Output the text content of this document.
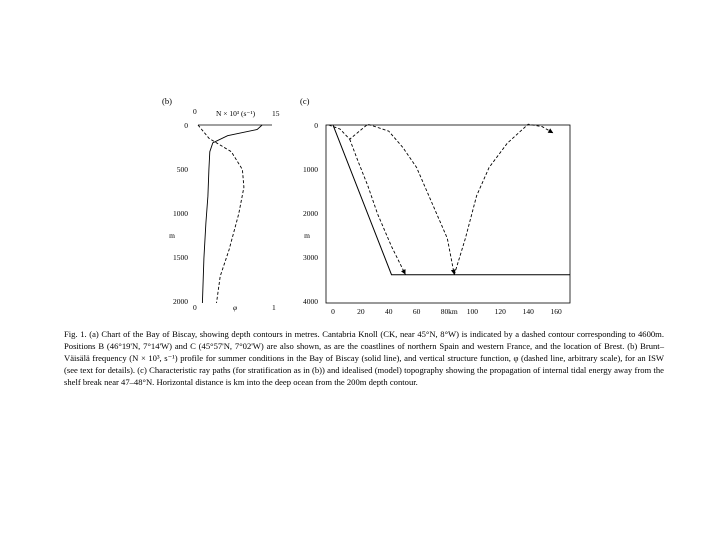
(b)
0	N × 10³ (s⁻¹) 15
0
500
1000
m
1500
2000
0	φ	1
(c)
0
1000
2000
m
3000
4000
0	20	40	60	80 100 120 140 160
km

Fig. 1. (a) Chart of the Bay of Biscay, showing depth contours in metres. Cantabria Knoll (CK, near 45°N, 8°W) is indicated by a dashed contour corresponding to 4600m. Positions B (46°19'N, 7°14'W) and C (45°57'N, 7°02'W) are also shown, as are the coastlines of northern Spain and western France, and the location of Brest. (b) Brunt–Väisälä frequency (N × 10³, s⁻¹) profile for summer conditions in the Bay of Biscay (solid line), and vertical structure function, φ (dashed line, arbitrary scale), for an ISW (see text for details). (c) Characteristic ray paths (for stratification as in (b)) and idealised (model) topography showing the propagation of internal tidal energy away from the shelf break near 47–48°N. Horizontal distance is km into the deep ocean from the 200m depth contour.
